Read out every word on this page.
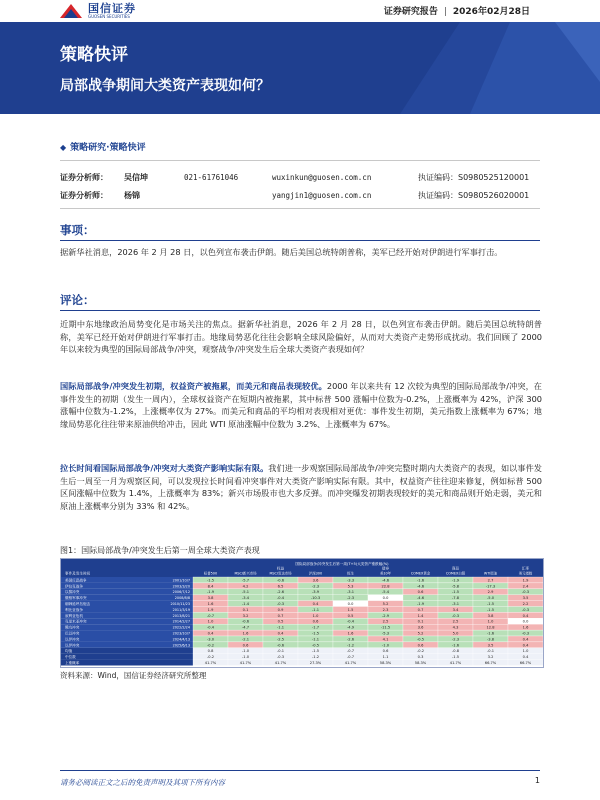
国信证券
GUOSEN SECURITIES	证券研究报告 | 2026年02月28日
策略快评
局部战争期间大类资产表现如何？
◆ 策略研究·策略快评
证券分析师：	吴信坤	021-61761046	wuxinkun@guosen.com.cn	执证编码：S0980525120001
证券分析师：	杨锦	yangjin1@guosen.com.cn	执证编码：S0980526020001
事项：
据新华社消息，2026 年 2 月 28 日，以色列宣布袭击伊朗。随后美国总统特朗普称，美军已经开始对伊朗进行军事打击。
评论：
近期中东地缘政治局势变化是市场关注的焦点。据新华社消息，2026 年 2 月 28 日，以色列宣布袭击伊朗。随后美国总统特朗普称，美军已经开始对伊朗进行军事打击。地缘局势恶化往往会影响全球风险偏好，从而对大类资产走势形成扰动。我们回顾了 2000 年以来较为典型的国际局部战争/冲突，观察战争/冲突发生后全球大类资产表现如何？
国际局部战争/冲突发生初期，权益资产被拖累，而美元和商品表现较优。2000 年以来共有 12 次较为典型的国际局部战争/冲突，在事件发生的初期（发生一周内），全球权益资产在短期内被拖累，其中标普 500 涨幅中位数为-0.2%，上涨概率为 42%，沪深 300 涨幅中位数为-1.2%，上涨概率仅为 27%。而美元和商品的平均相对表现相对更优：事件发生初期，美元指数上涨概率为 67%；地缘局势恶化往往带来原油供给冲击，因此 WTI 原油涨幅中位数为 3.2%、上涨概率为 67%。
拉长时间看国际局部战争/冲突对大类资产影响实际有限。我们进一步观察国际局部战争/冲突完整时期内大类资产的表现，如以事件发生后一周至一月为观察区间，可以发现拉长时间看冲突事件对大类资产影响实际有限。其中，权益资产往往迎来修复，例如标普 500 区间涨幅中位数为 1.4%，上涨概率为 83%；新兴市场股市也大多反弹。而冲突爆发初期表现较好的美元和商品则开始走弱，美元和原油上涨概率分别为 33% 和 42%。
图1：国际局部战争/冲突发生后第一周全球大类资产表现
国际局部战争/冲突发生后第一周(T+5)大类资产涨跌幅(%)
权益	债券	商品	汇率
事件及发生时间	标普500	MSCI新兴市场	MSCI发达市场	沪深300	恒生	美10年	COMEX黄金	COMEX白银	WTI原油	美元指数
美国反恐战争	2001/10/7	-1.5	-5.7	-0.6	3.6	-3.3	-4.6	-1.6	-1.9	2.7	1.9
伊拉克战争	2003/3/20	8.4	4.2	6.5	-2.3	5.3	22.8	-4.6	-5.8	-17.3	2.4
以黎冲突	2006/7/12	-1.9	-5.1	-2.6	-3.9	-3.1	-5.4	0.6	-1.5	2.9	-0.3
俄格军事冲突	2008/8/8	3.8	-3.4	-0.4	-10.3	-2.3	0.0	-4.6	-7.8	-5.0	3.5
朝韩延坪岛炮击	2010/11/23	1.6	-1.4	-0.3	0.4	0.0	5.2	-1.9	-3.1	-1.5	2.2
利比亚战争	2011/3/19	1.9	0.1	0.9	-1.1	1.5	2.3	0.7	3.4	-1.5	-0.3
叙利亚危机	2013/8/21	-0.7	3.2	0.7	1.0	0.5	-2.9	1.4	-0.3	3.8	0.4
克里米亚冲突	2014/2/27	1.0	-0.6	0.5	0.6	-0.4	2.5	0.1	2.5	1.0	0.0
俄乌冲突	2022/2/24	-0.4	-4.7	-1.1	-1.7	-4.9	-11.5	3.6	4.3	12.8	1.6
巴以冲突	2023/10/7	0.4	1.6	0.4	-1.5	1.6	-5.3	5.2	5.0	-1.6	-0.3
以伊冲突	2024/4/13	-3.0	-2.1	-2.5	-1.1	-2.6	4.1	-0.5	-2.3	-3.8	0.4
以伊冲突	2025/6/13	-0.2	0.6	-0.6	-0.5	-1.2	-1.0	0.6	-1.6	3.5	0.4
均值	0.8	-1.0	-0.1	-1.5	-0.7	0.6	-0.2	-0.8	-0.1	1.0
中位数	-0.2	-1.0	-0.3	-1.2	-0.7	1.1	0.3	-1.5	3.2	0.4
上涨概率	41.7%	41.7%	41.7%	27.3%	41.7%	58.3%	58.3%	41.7%	66.7%	66.7%
资料来源：Wind，国信证券经济研究所整理
请务必阅读正文之后的免责声明及其项下所有内容	1
